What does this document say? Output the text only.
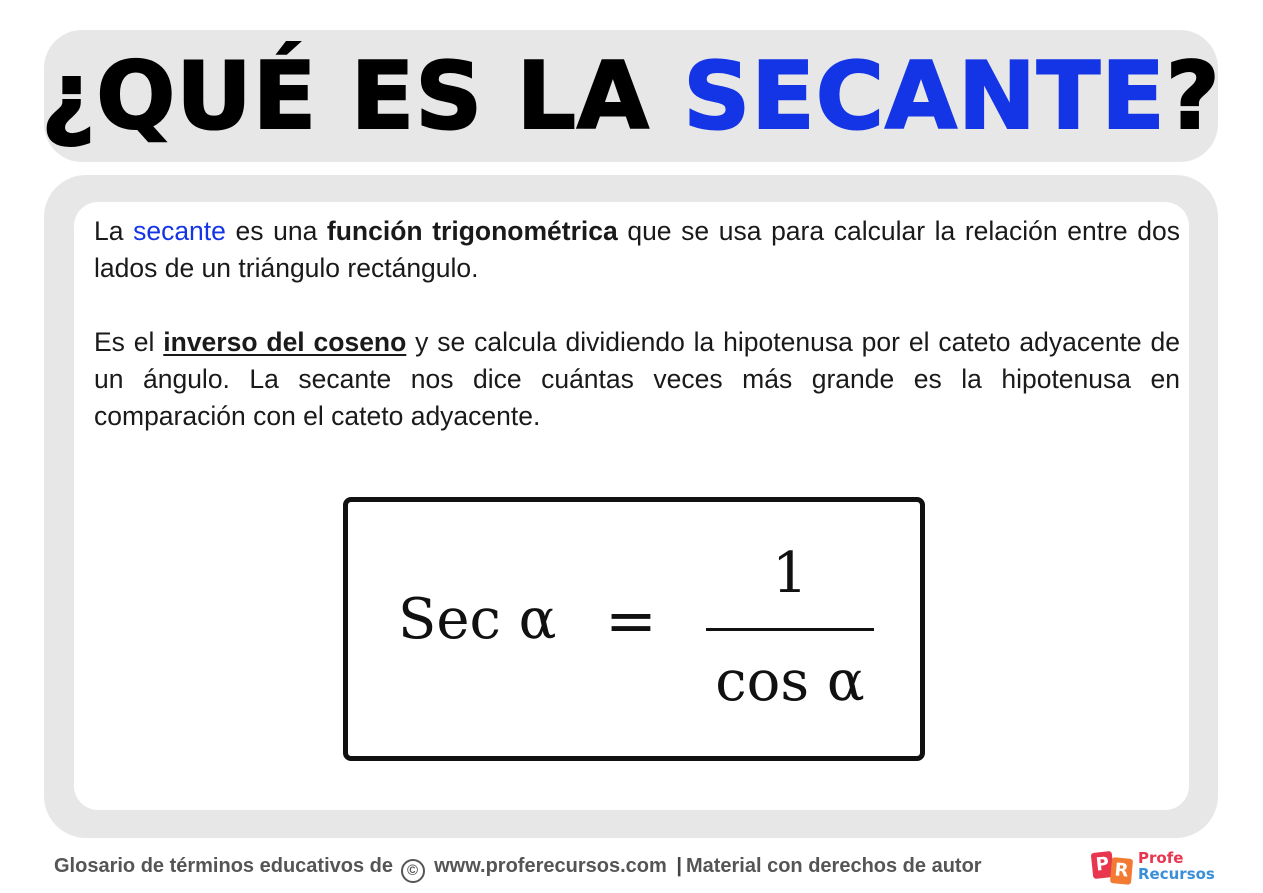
¿QUÉ ES LA SECANTE?

La secante es una función trigonométrica que se usa para calcular la relación entre dos lados de un triángulo rectángulo.

Es el inverso del coseno y se calcula dividiendo la hipotenusa por el cateto adyacente de un ángulo. La secante nos dice cuántas veces más grande es la hipotenusa en comparación con el cateto adyacente.

Sec α =
1
cos α
Glosario de términos educativos de © www.proferecursos.com | Material con derechos de autor	P R
Profe
Recursos
